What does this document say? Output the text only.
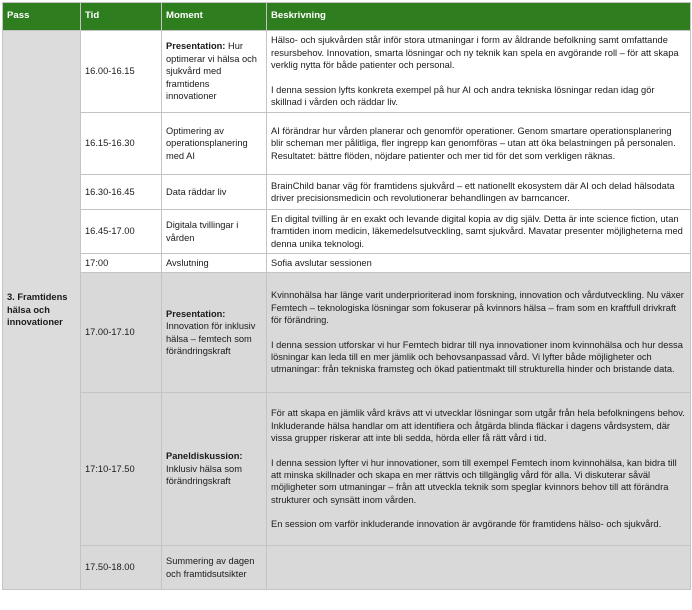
Pass	Tid	Moment	Beskrivning
3. Framtidens hälsa och innovationer	16.00-16.15	Presentation: Hur optimerar vi hälsa och sjukvård med framtidens innovationer	Hälso- och sjukvården står inför stora utmaningar i form av åldrande befolkning samt omfattande resursbehov. Innovation, smarta lösningar och ny teknik kan spela en avgörande roll – för att skapa verklig nytta för både patienter och personal.
I denna session lyfts konkreta exempel på hur AI och andra tekniska lösningar redan idag gör skillnad i vården och räddar liv.

	16.15-16.30	Optimering av operationsplanering med AI	AI förändrar hur vården planerar och genomför operationer. Genom smartare operationsplanering blir scheman mer pålitliga, fler ingrepp kan genomföras – utan att öka belastningen på personalen. Resultatet: bättre flöden, nöjdare patienter och mer tid för det som verkligen räknas.

	16.30-16.45	Data räddar liv	BrainChild banar väg för framtidens sjukvård – ett nationellt ekosystem där AI och delad hälsodata driver precisionsmedicin och revolutionerar behandlingen av barncancer.

	16.45-17.00	Digitala tvillingar i vården	En digital tvilling är en exakt och levande digital kopia av dig själv. Detta är inte science fiction, utan framtiden inom medicin, läkemedelsutveckling, samt sjukvård. Mavatar presenter möjligheterna med denna unika teknologi.

	17:00	Avslutning	Sofia avslutar sessionen

	17.00-17.10	Presentation: Innovation för inklusiv hälsa – femtech som förändringskraft	Kvinnohälsa har länge varit underprioriterad inom forskning, innovation och vårdutveckling. Nu växer Femtech – teknologiska lösningar som fokuserar på kvinnors hälsa – fram som en kraftfull drivkraft för förändring.
I denna session utforskar vi hur Femtech bidrar till nya innovationer inom kvinnohälsa och hur dessa lösningar kan leda till en mer jämlik och behovsanpassad vård. Vi lyfter både möjligheter och utmaningar: från tekniska framsteg och ökad patientmakt till strukturella hinder och bristande data.

	17:10-17.50	Paneldiskussion: Inklusiv hälsa som förändringskraft	För att skapa en jämlik vård krävs att vi utvecklar lösningar som utgår från hela befolkningens behov. Inkluderande hälsa handlar om att identifiera och åtgärda blinda fläckar i dagens vårdsystem, där vissa grupper riskerar att inte bli sedda, hörda eller få rätt vård i tid.
I denna session lyfter vi hur innovationer, som till exempel Femtech inom kvinnohälsa, kan bidra till att minska skillnader och skapa en mer rättvis och tillgänglig vård för alla. Vi diskuterar såväl möjligheter som utmaningar – från att utveckla teknik som speglar kvinnors behov till att förändra strukturer och synsätt inom vården.
En session om varför inkluderande innovation är avgörande för framtidens hälso- och sjukvård.

	17.50-18.00	Summering av dagen och framtidsutsikter	
